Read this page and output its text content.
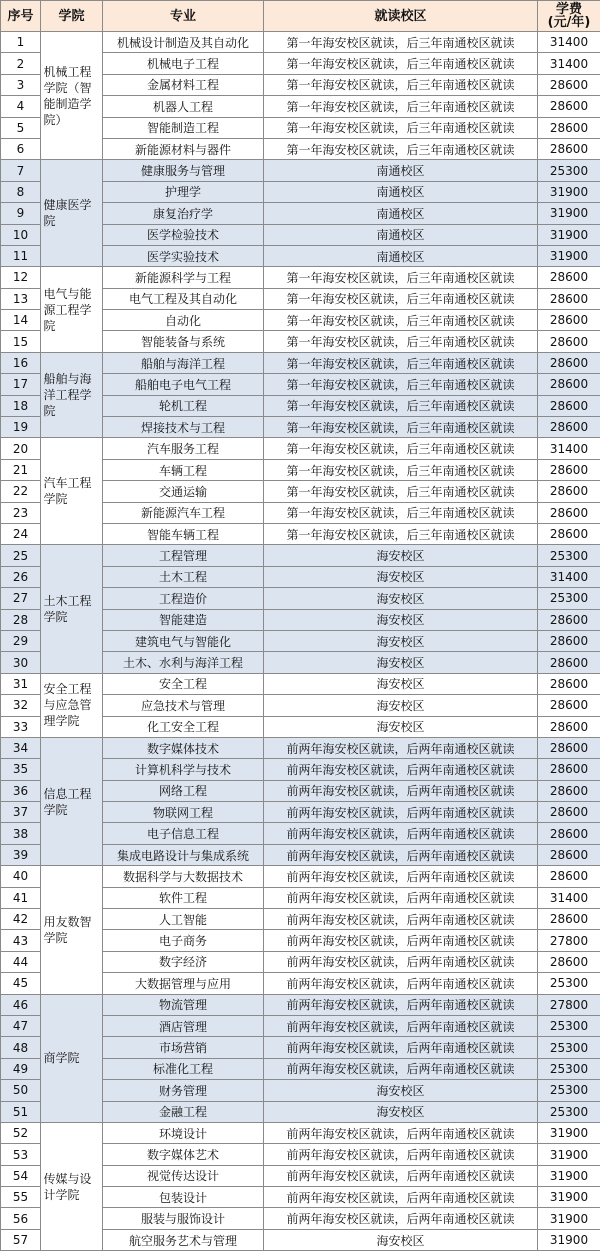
序号	学院	专业	就读校区	学费
(元/年)
1	机械工程学院（智能制造学院）	机械设计制造及其自动化	第一年海安校区就读，后三年南通校区就读	31400
2		机械电子工程	第一年海安校区就读，后三年南通校区就读	31400
3		金属材料工程	第一年海安校区就读，后三年南通校区就读	28600
4		机器人工程	第一年海安校区就读，后三年南通校区就读	28600
5		智能制造工程	第一年海安校区就读，后三年南通校区就读	28600
6		新能源材料与器件	第一年海安校区就读，后三年南通校区就读	28600
7	健康医学院	健康服务与管理	南通校区	25300
8		护理学	南通校区	31900
9		康复治疗学	南通校区	31900
10		医学检验技术	南通校区	31900
11		医学实验技术	南通校区	31900
12	电气与能源工程学院	新能源科学与工程	第一年海安校区就读，后三年南通校区就读	28600
13		电气工程及其自动化	第一年海安校区就读，后三年南通校区就读	28600
14		自动化	第一年海安校区就读，后三年南通校区就读	28600
15		智能装备与系统	第一年海安校区就读，后三年南通校区就读	28600
16	船舶与海洋工程学院	船舶与海洋工程	第一年海安校区就读，后三年南通校区就读	28600
17		船舶电子电气工程	第一年海安校区就读，后三年南通校区就读	28600
18		轮机工程	第一年海安校区就读，后三年南通校区就读	28600
19		焊接技术与工程	第一年海安校区就读，后三年南通校区就读	28600
20	汽车工程学院	汽车服务工程	第一年海安校区就读，后三年南通校区就读	31400
21		车辆工程	第一年海安校区就读，后三年南通校区就读	28600
22		交通运输	第一年海安校区就读，后三年南通校区就读	28600
23		新能源汽车工程	第一年海安校区就读，后三年南通校区就读	28600
24		智能车辆工程	第一年海安校区就读，后三年南通校区就读	28600
25	土木工程学院	工程管理	海安校区	25300
26		土木工程	海安校区	31400
27		工程造价	海安校区	25300
28		智能建造	海安校区	28600
29		建筑电气与智能化	海安校区	28600
30		土木、水利与海洋工程	海安校区	28600
31	安全工程与应急管理学院	安全工程	海安校区	28600
32		应急技术与管理	海安校区	28600
33		化工安全工程	海安校区	28600
34	信息工程学院	数字媒体技术	前两年海安校区就读，后两年南通校区就读	28600
35		计算机科学与技术	前两年海安校区就读，后两年南通校区就读	28600
36		网络工程	前两年海安校区就读，后两年南通校区就读	28600
37		物联网工程	前两年海安校区就读，后两年南通校区就读	28600
38		电子信息工程	前两年海安校区就读，后两年南通校区就读	28600
39		集成电路设计与集成系统	前两年海安校区就读，后两年南通校区就读	28600
40	用友数智学院	数据科学与大数据技术	前两年海安校区就读，后两年南通校区就读	28600
41		软件工程	前两年海安校区就读，后两年南通校区就读	31400
42		人工智能	前两年海安校区就读，后两年南通校区就读	28600
43		电子商务	前两年海安校区就读，后两年南通校区就读	27800
44		数字经济	前两年海安校区就读，后两年南通校区就读	28600
45		大数据管理与应用	前两年海安校区就读，后两年南通校区就读	25300
46	商学院	物流管理	前两年海安校区就读，后两年南通校区就读	27800
47		酒店管理	前两年海安校区就读，后两年南通校区就读	25300
48		市场营销	前两年海安校区就读，后两年南通校区就读	25300
49		标准化工程	前两年海安校区就读，后两年南通校区就读	25300
50		财务管理	海安校区	25300
51		金融工程	海安校区	25300
52	传媒与设计学院	环境设计	前两年海安校区就读，后两年南通校区就读	31900
53		数字媒体艺术	前两年海安校区就读，后两年南通校区就读	31900
54		视觉传达设计	前两年海安校区就读，后两年南通校区就读	31900
55		包装设计	前两年海安校区就读，后两年南通校区就读	31900
56		服装与服饰设计	前两年海安校区就读，后两年南通校区就读	31900
57		航空服务艺术与管理	海安校区	31900
